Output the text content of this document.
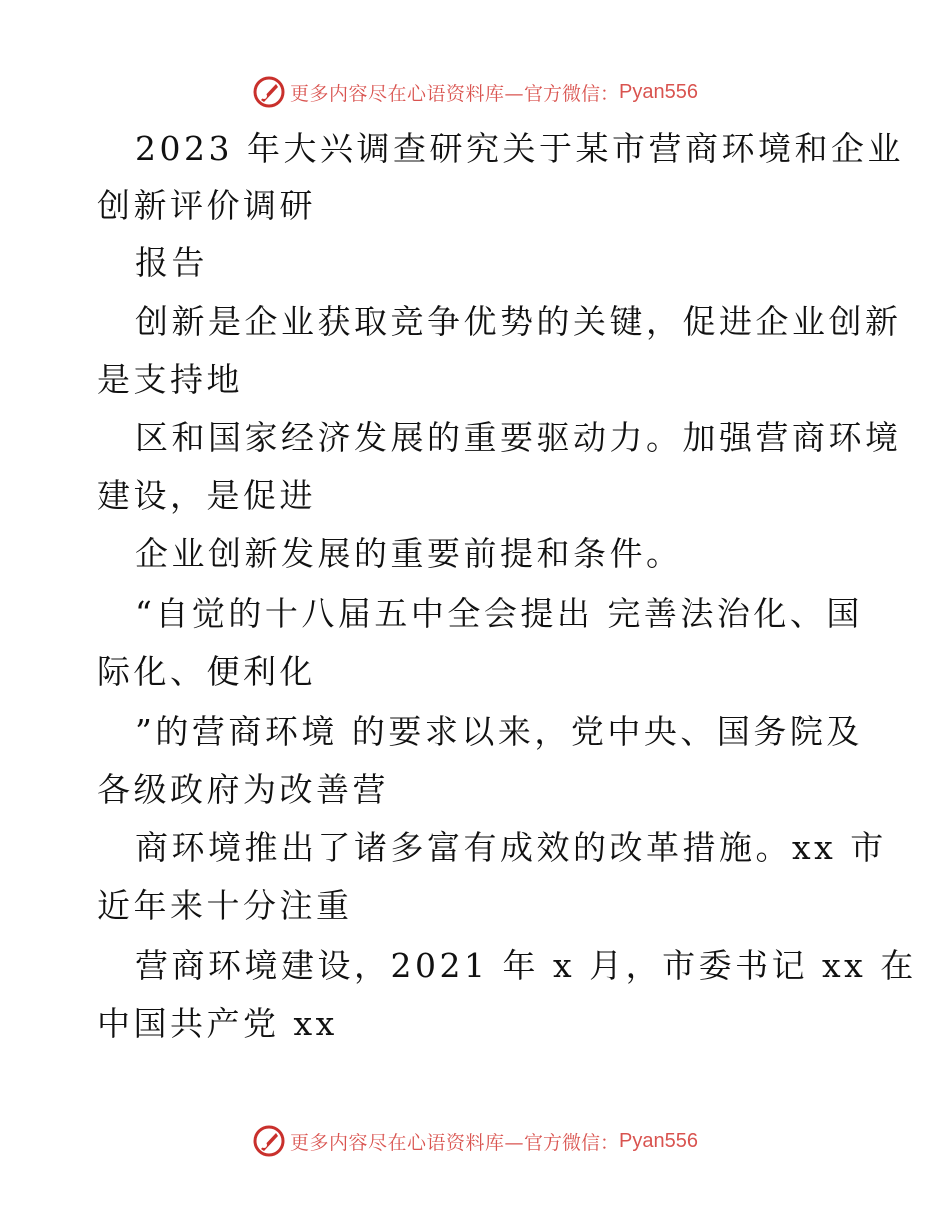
更多内容尽在心语资料库— 官方微信： Pyan556
2023 年大兴调查研究关于某市营商环境和企业
创新评价调研
报告
创新是企业获取竞争优势的关键，促进企业创新
是支持地
区和国家经济发展的重要驱动力。加强营商环境
建设，是促进
企业创新发展的重要前提和条件。
“自觉的十八届五中全会提出 完善法治化、国
际化、便利化
”的营商环境 的要求以来，党中央、国务院及
各级政府为改善营
商环境推出了诸多富有成效的改革措施。xx 市
近年来十分注重
营商环境建设，2021 年 x 月，市委书记 xx 在
中国共产党 xx
更多内容尽在心语资料库— 官方微信： Pyan556
